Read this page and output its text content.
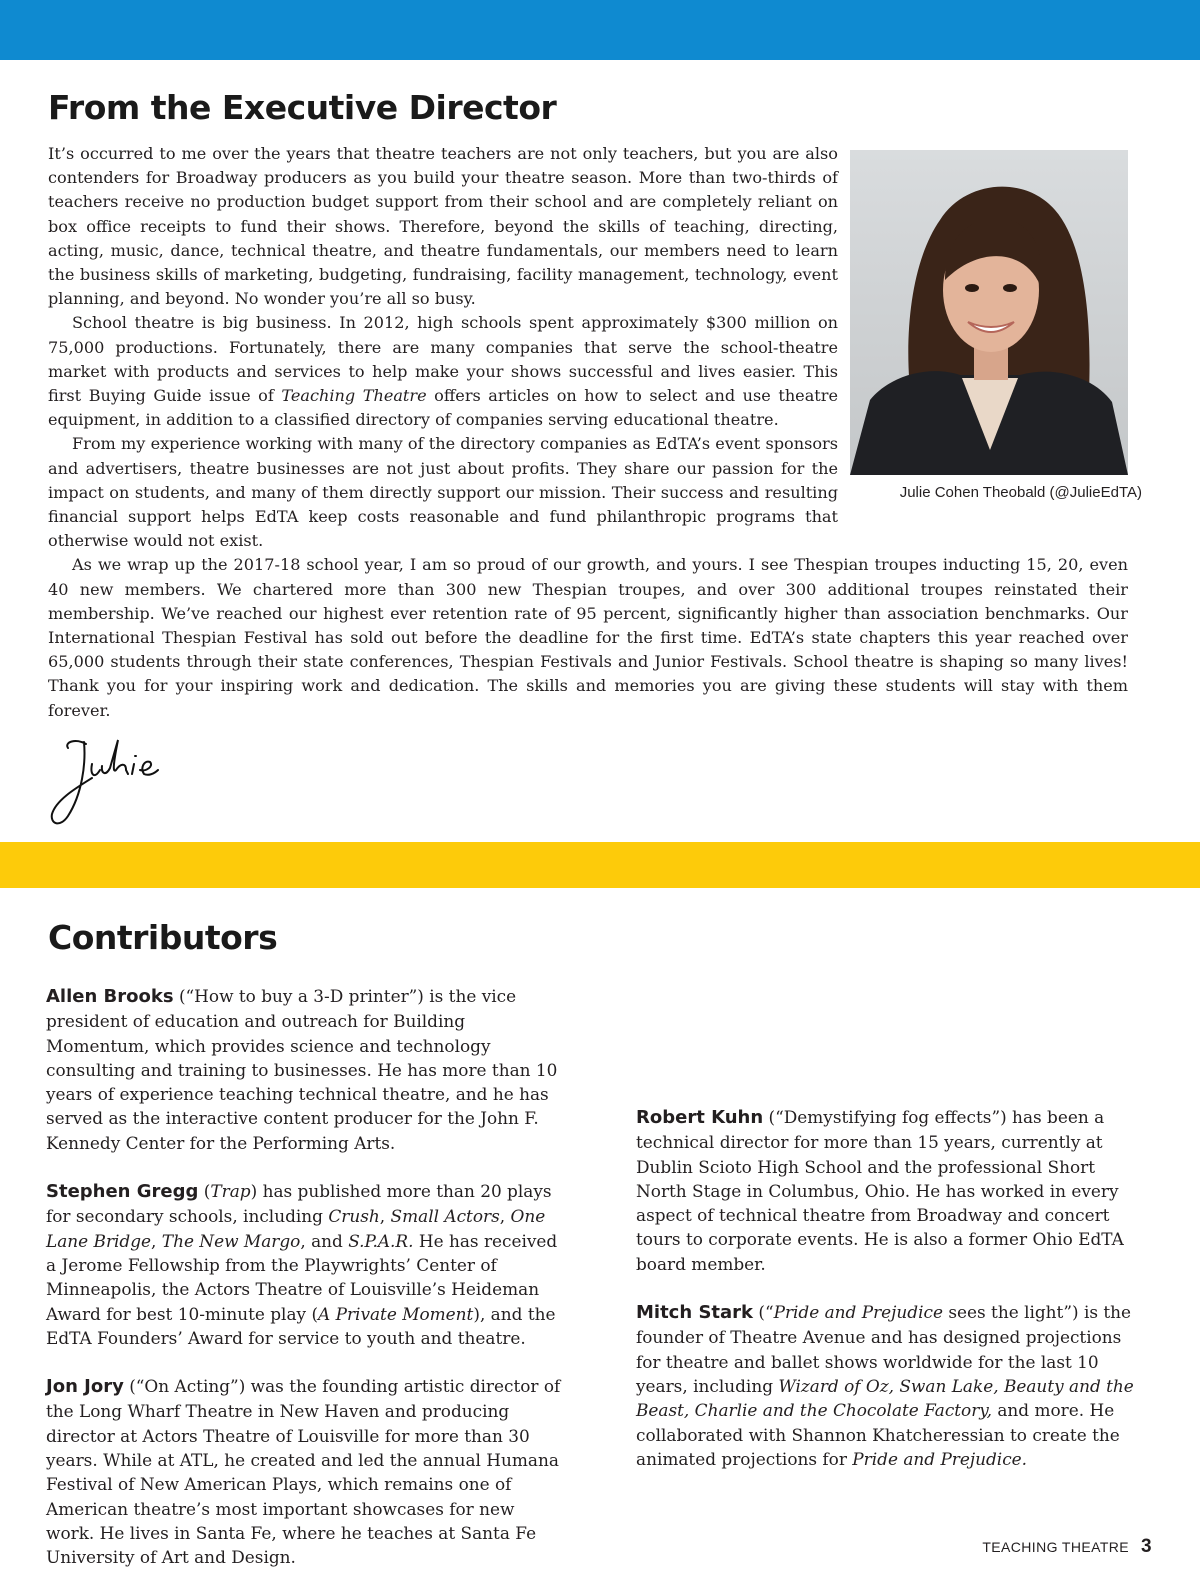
From the Executive Director
Julie Cohen Theobald (@JulieEdTA)

It’s occurred to me over the years that theatre teachers are not only teachers, but you are also contenders for Broadway producers as you build your theatre season. More than two-thirds of teachers receive no production budget support from their school and are completely reliant on box office receipts to fund their shows. Therefore, beyond the skills of teaching, directing, acting, music, dance, technical theatre, and theatre fundamentals, our members need to learn the business skills of marketing, budgeting, fundraising, facility management, technology, event planning, and beyond. No wonder you’re all so busy.

School theatre is big business. In 2012, high schools spent approximately $300 million on 75,000 productions. Fortunately, there are many companies that serve the school-theatre market with products and services to help make your shows successful and lives easier. This first Buying Guide issue of Teaching Theatre offers articles on how to select and use theatre equipment, in addition to a classified directory of companies serving educational theatre.

From my experience working with many of the directory companies as EdTA’s event sponsors and advertisers, theatre businesses are not just about profits. They share our passion for the impact on students, and many of them directly support our mission. Their success and resulting financial support helps EdTA keep costs reasonable and fund philanthropic programs that otherwise would not exist.

As we wrap up the 2017-18 school year, I am so proud of our growth, and yours. I see Thespian troupes inducting 15, 20, even 40 new members. We chartered more than 300 new Thespian troupes, and over 300 additional troupes reinstated their membership. We’ve reached our highest ever retention rate of 95 percent, significantly higher than association benchmarks. Our International Thespian Festival has sold out before the deadline for the first time. EdTA’s state chapters this year reached over 65,000 students through their state conferences, Thespian Festivals and Junior Festivals. School theatre is shaping so many lives! Thank you for your inspiring work and dedication. The skills and memories you are giving these students will stay with them forever.

Contributors

Allen Brooks (“How to buy a 3-D printer”) is the vice president of education and outreach for Building Momentum, which provides science and technology consulting and training to businesses. He has more than 10 years of experience teaching technical theatre, and he has served as the interactive content producer for the John F. Kennedy Center for the Performing Arts.

Stephen Gregg (Trap) has published more than 20 plays for secondary schools, including Crush, Small Actors, One Lane Bridge, The New Margo, and S.P.A.R. He has received a Jerome Fellowship from the Playwrights’ Center of Minneapolis, the Actors Theatre of Louisville’s Heideman Award for best 10-minute play (A Private Moment), and the EdTA Founders’ Award for service to youth and theatre.

Jon Jory (“On Acting”) was the founding artistic director of the Long Wharf Theatre in New Haven and producing director at Actors Theatre of Louisville for more than 30 years. While at ATL, he created and led the annual Humana Festival of New American Plays, which remains one of American theatre’s most important showcases for new work. He lives in Santa Fe, where he teaches at Santa Fe University of Art and Design.

Robert Kuhn (“Demystifying fog effects”) has been a technical director for more than 15 years, currently at Dublin Scioto High School and the professional Short North Stage in Columbus, Ohio. He has worked in every aspect of technical theatre from Broadway and concert tours to corporate events. He is also a former Ohio EdTA board member.

Mitch Stark (“Pride and Prejudice sees the light”) is the founder of Theatre Avenue and has designed projections for theatre and ballet shows worldwide for the last 10 years, including Wizard of Oz, Swan Lake, Beauty and the Beast, Charlie and the Chocolate Factory, and more. He collaborated with Shannon Khatcheressian to create the animated projections for Pride and Prejudice.

TEACHING THEATRE 3
